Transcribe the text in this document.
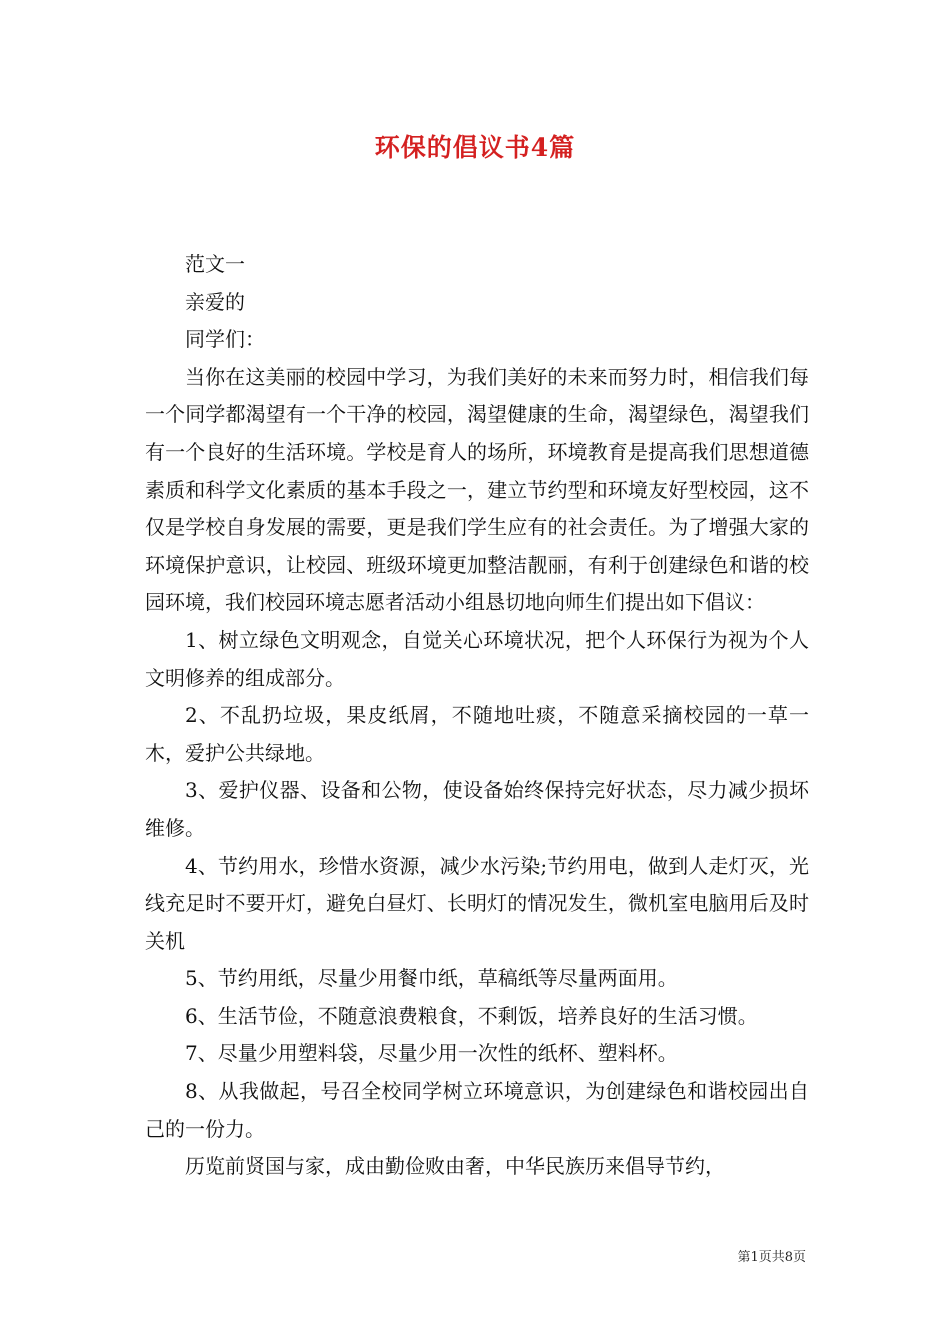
环保的倡议书4篇

范文一

亲爱的

同学们：

当你在这美丽的校园中学习，为我们美好的未来而努力时，相信我们每一个同学都渴望有一个干净的校园，渴望健康的生命，渴望绿色，渴望我们有一个良好的生活环境。学校是育人的场所，环境教育是提高我们思想道德素质和科学文化素质的基本手段之一，建立节约型和环境友好型校园，这不仅是学校自身发展的需要，更是我们学生应有的社会责任。为了增强大家的环境保护意识，让校园、班级环境更加整洁靓丽，有利于创建绿色和谐的校园环境，我们校园环境志愿者活动小组恳切地向师生们提出如下倡议：

1、树立绿色文明观念，自觉关心环境状况，把个人环保行为视为个人文明修养的组成部分。

2、不乱扔垃圾，果皮纸屑，不随地吐痰，不随意采摘校园的一草一木，爱护公共绿地。

3、爱护仪器、设备和公物，使设备始终保持完好状态，尽力减少损坏维修。

4、节约用水，珍惜水资源，减少水污染;节约用电，做到人走灯灭，光线充足时不要开灯，避免白昼灯、长明灯的情况发生，微机室电脑用后及时关机

5、节约用纸，尽量少用餐巾纸，草稿纸等尽量两面用。

6、生活节俭，不随意浪费粮食，不剩饭，培养良好的生活习惯。

7、尽量少用塑料袋，尽量少用一次性的纸杯、塑料杯。

8、从我做起，号召全校同学树立环境意识，为创建绿色和谐校园出自己的一份力。

历览前贤国与家，成由勤俭败由奢，中华民族历来倡导节约，

第1页共8页
